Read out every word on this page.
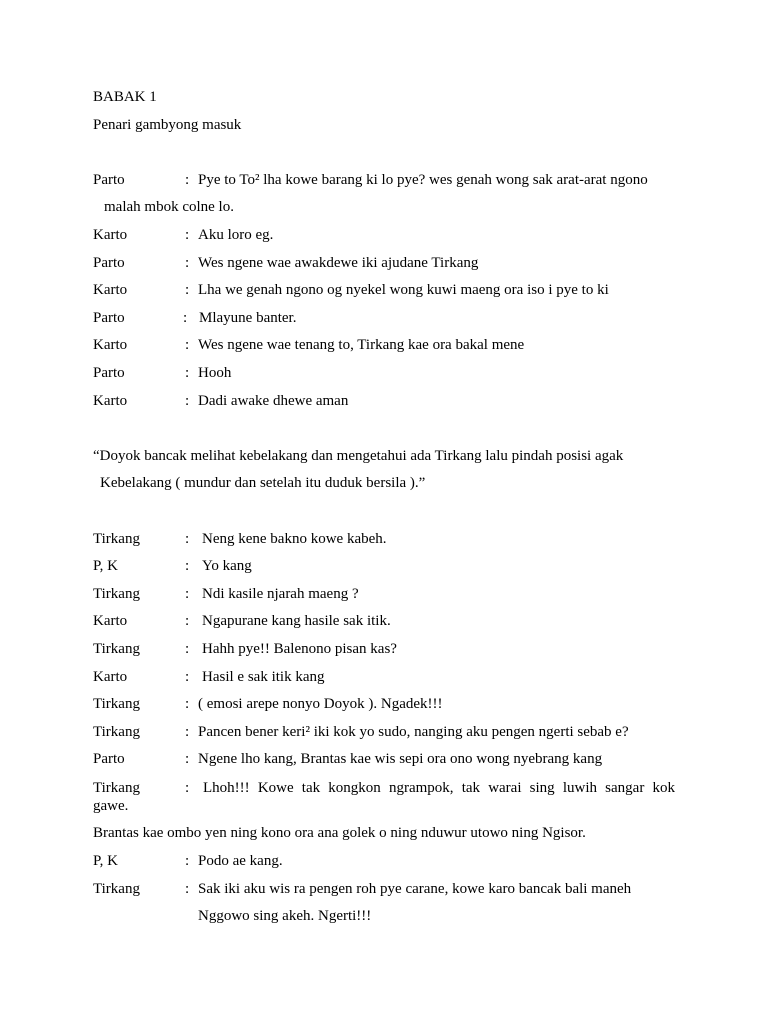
BABAK 1
Penari gambyong masuk
Parto	: Pye to To² lha kowe barang ki lo pye? wes genah wong sak arat-arat ngono
malah mbok colne lo.
Karto	: Aku loro eg.
Parto	: Wes ngene wae awakdewe iki ajudane Tirkang
Karto	: Lha we genah ngono og nyekel wong kuwi maeng ora iso i pye to ki
Parto	: Mlayune banter.
Karto	: Wes ngene wae tenang to, Tirkang kae ora bakal mene
Parto	: Hooh
Karto	: Dadi awake dhewe aman
“Doyok bancak melihat kebelakang dan mengetahui ada Tirkang lalu pindah posisi agak
Kebelakang ( mundur dan setelah itu duduk bersila ).”
Tirkang	: Neng kene bakno kowe kabeh.
P, K	: Yo kang
Tirkang	: Ndi kasile njarah maeng ?
Karto	: Ngapurane kang hasile sak itik.
Tirkang	: Hahh pye!! Balenono pisan kas?
Karto	: Hasil e sak itik kang
Tirkang	: ( emosi arepe nonyo Doyok ). Ngadek!!!
Tirkang	: Pancen bener keri² iki kok yo sudo, nanging aku pengen ngerti sebab e?
Parto	: Ngene lho kang, Brantas kae wis sepi ora ono wong nyebrang kang
Tirkang	: Lhoh!!! Kowe tak kongkon ngrampok, tak warai sing luwih sangar kok
gawe.
Brantas kae ombo yen ning kono ora ana golek o ning nduwur utowo ning Ngisor.
P, K	: Podo ae kang.
Tirkang	: Sak iki aku wis ra pengen roh pye carane, kowe karo bancak bali maneh
Nggowo sing akeh. Ngerti!!!
